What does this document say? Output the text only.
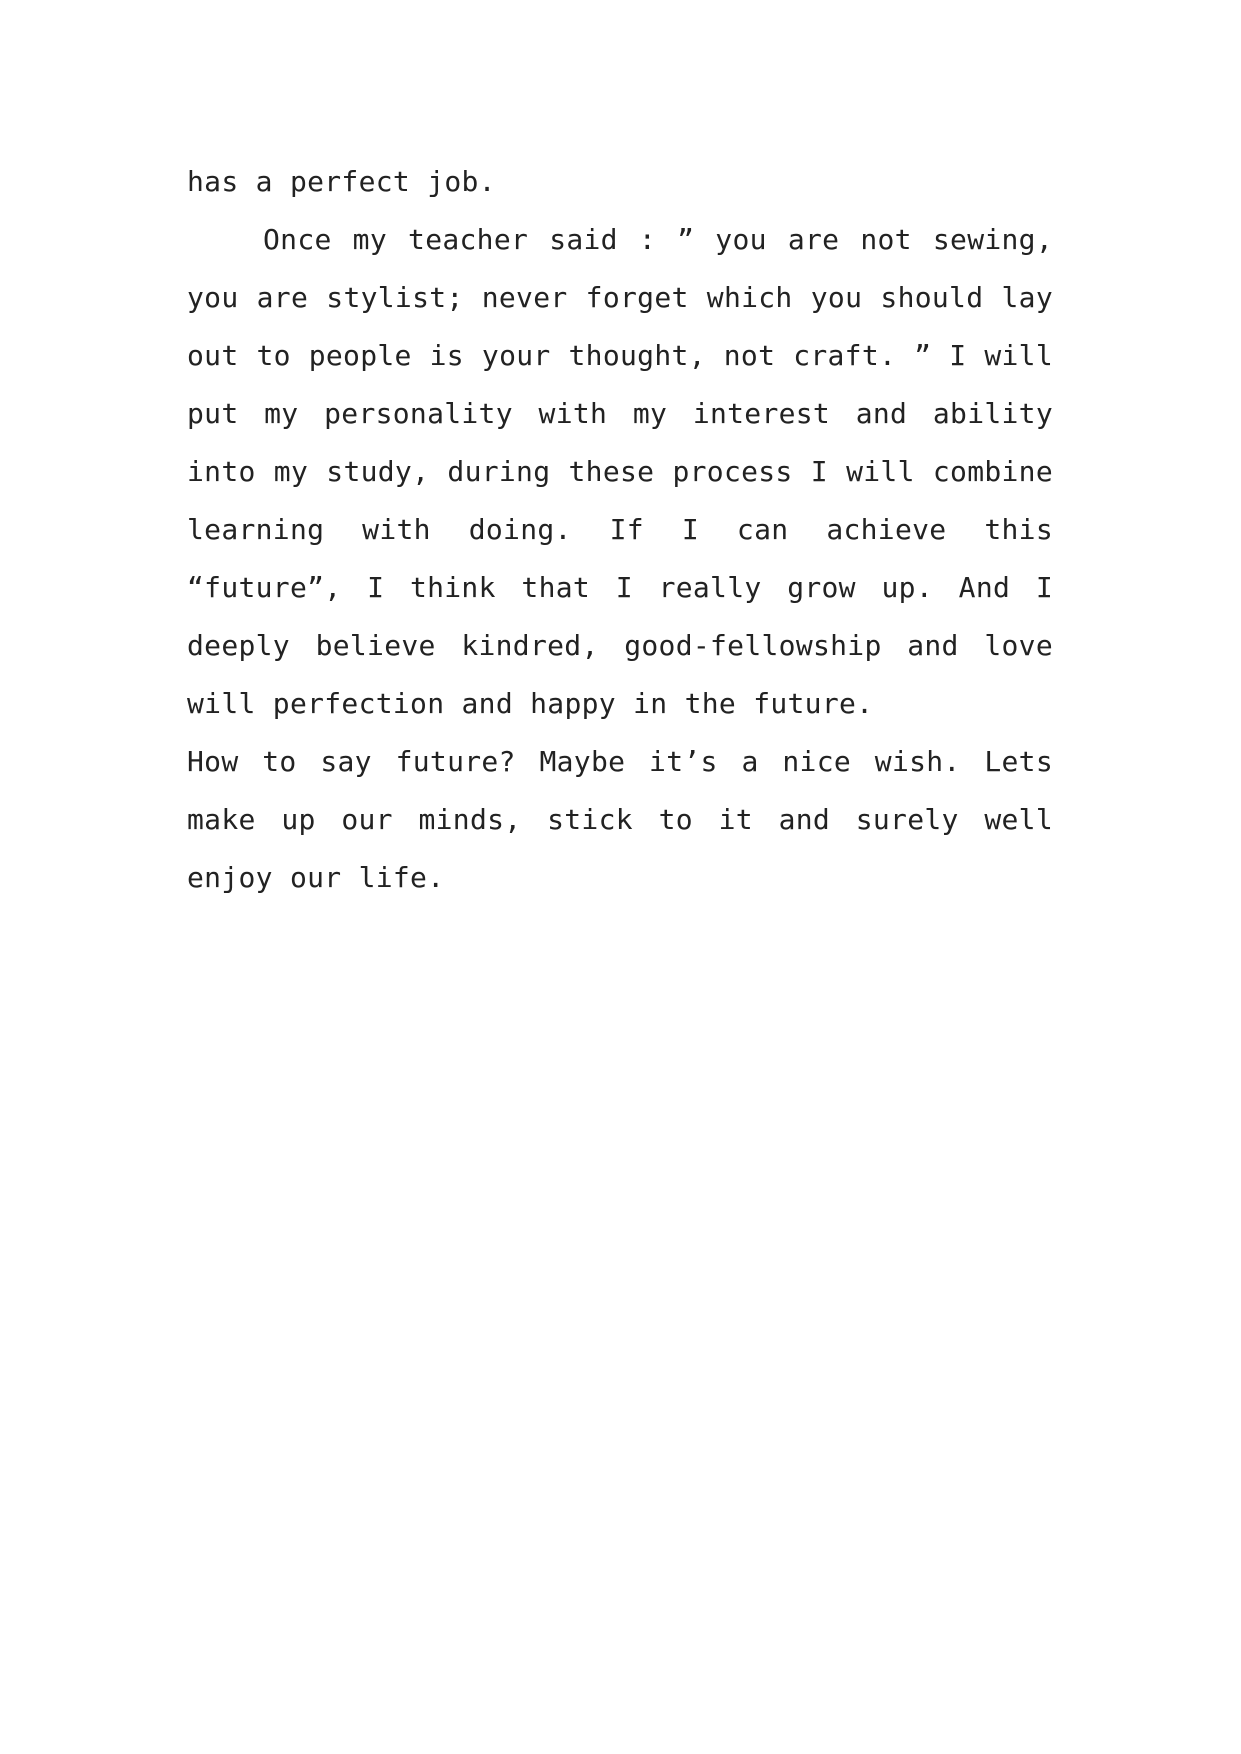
has a perfect job.
Once my teacher said : ” you are not sewing,
you are stylist; never forget which you should lay
out to people is your thought, not craft. ” I will
put my personality with my interest and ability
into my study, during these process I will combine
learning with doing. If I can achieve this
“future”, I think that I really grow up. And I
deeply believe kindred, good-fellowship and love
will perfection and happy in the future.
How to say future? Maybe it’s a nice wish. Lets
make up our minds, stick to it and surely well
enjoy our life.
